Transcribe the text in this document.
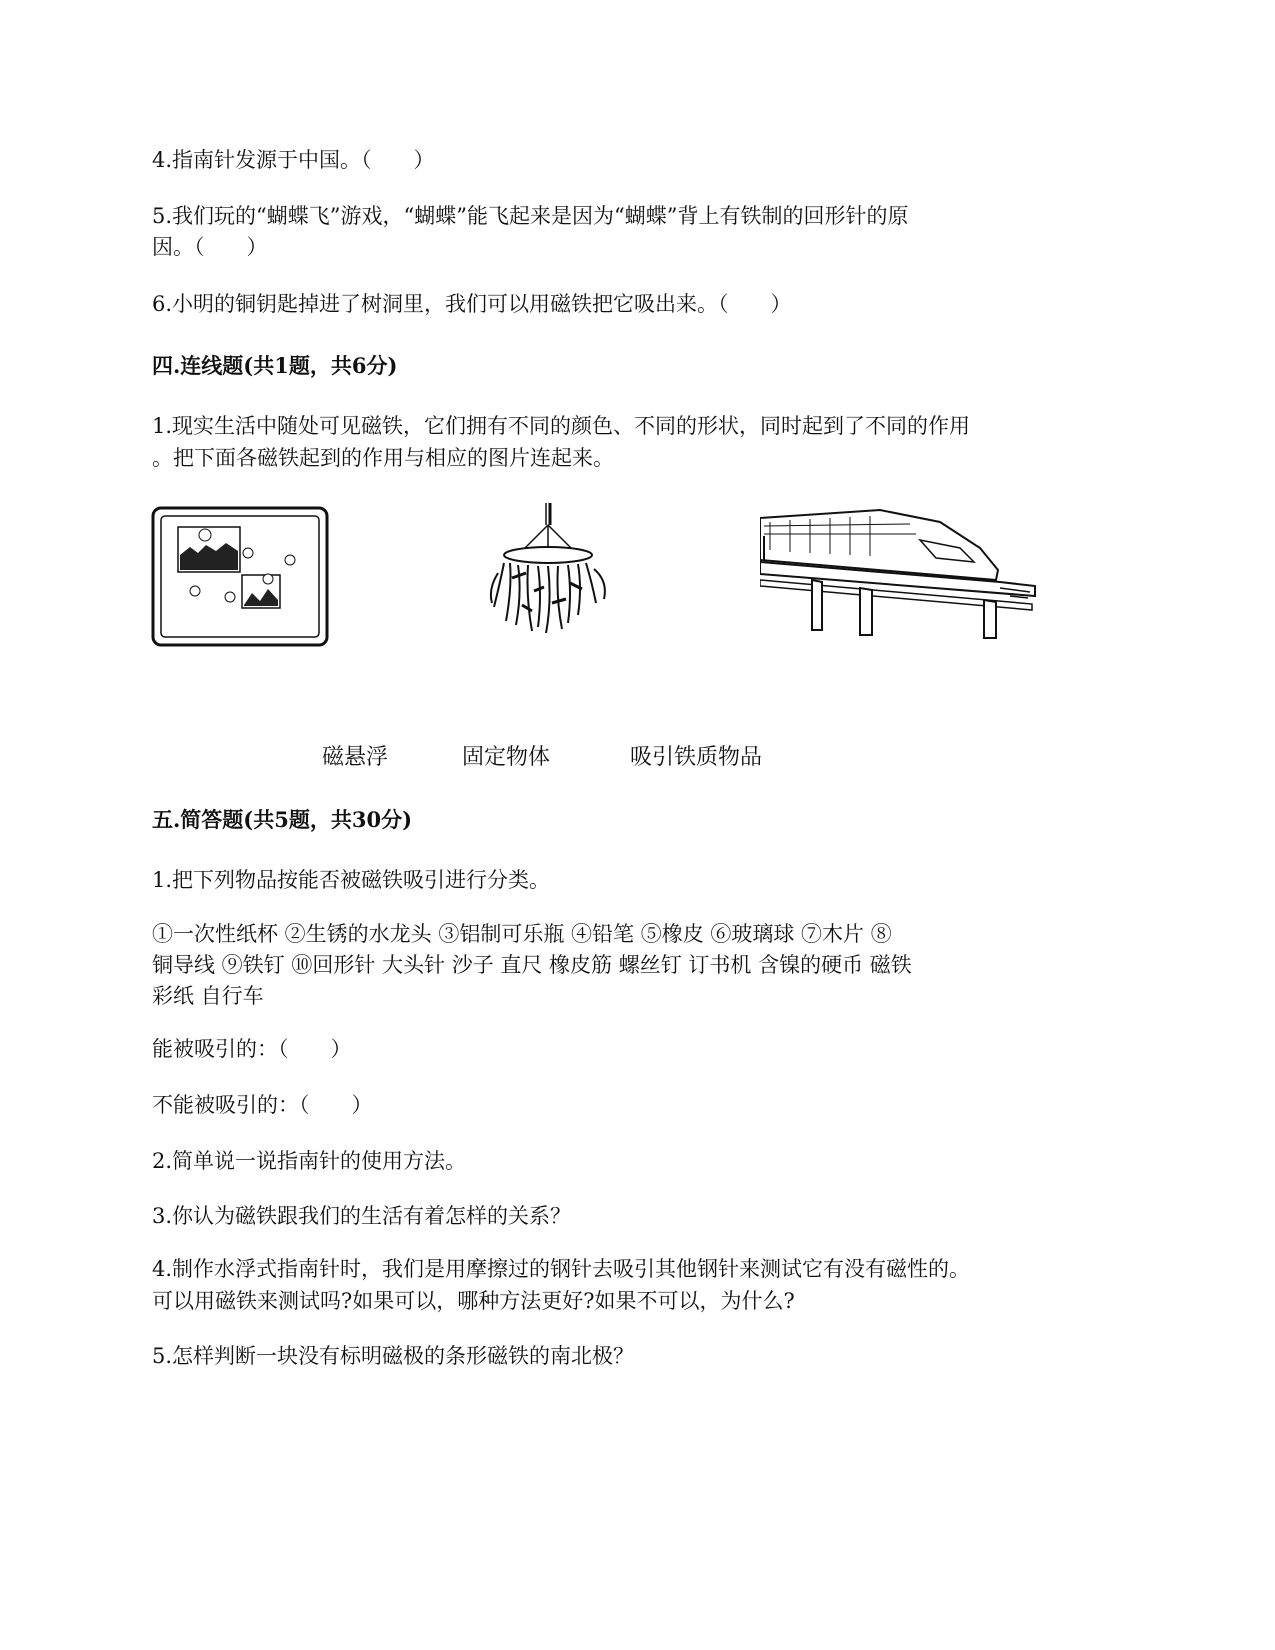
4.指南针发源于中国。（　　）
5.我们玩的“蝴蝶飞”游戏，“蝴蝶”能飞起来是因为“蝴蝶”背上有铁制的回形针的原
因。（　　）
6.小明的铜钥匙掉进了树洞里，我们可以用磁铁把它吸出来。（　　）
四.连线题(共1题，共6分)
1.现实生活中随处可见磁铁，它们拥有不同的颜色、不同的形状，同时起到了不同的作用
。把下面各磁铁起到的作用与相应的图片连起来。
磁悬浮	固定物体	吸引铁质物品
五.简答题(共5题，共30分)
1.把下列物品按能否被磁铁吸引进行分类。
①一次性纸杯 ②生锈的水龙头 ③铝制可乐瓶 ④铅笔 ⑤橡皮 ⑥玻璃球 ⑦木片 ⑧
铜导线 ⑨铁钉 ⑩回形针 大头针 沙子 直尺 橡皮筋 螺丝钉 订书机 含镍的硬币 磁铁
彩纸 自行车
能被吸引的：（　　）
不能被吸引的：（　　）
2.简单说一说指南针的使用方法。
3.你认为磁铁跟我们的生活有着怎样的关系？
4.制作水浮式指南针时，我们是用摩擦过的钢针去吸引其他钢针来测试它有没有磁性的。
可以用磁铁来测试吗?如果可以，哪种方法更好?如果不可以，为什么?
5.怎样判断一块没有标明磁极的条形磁铁的南北极？
